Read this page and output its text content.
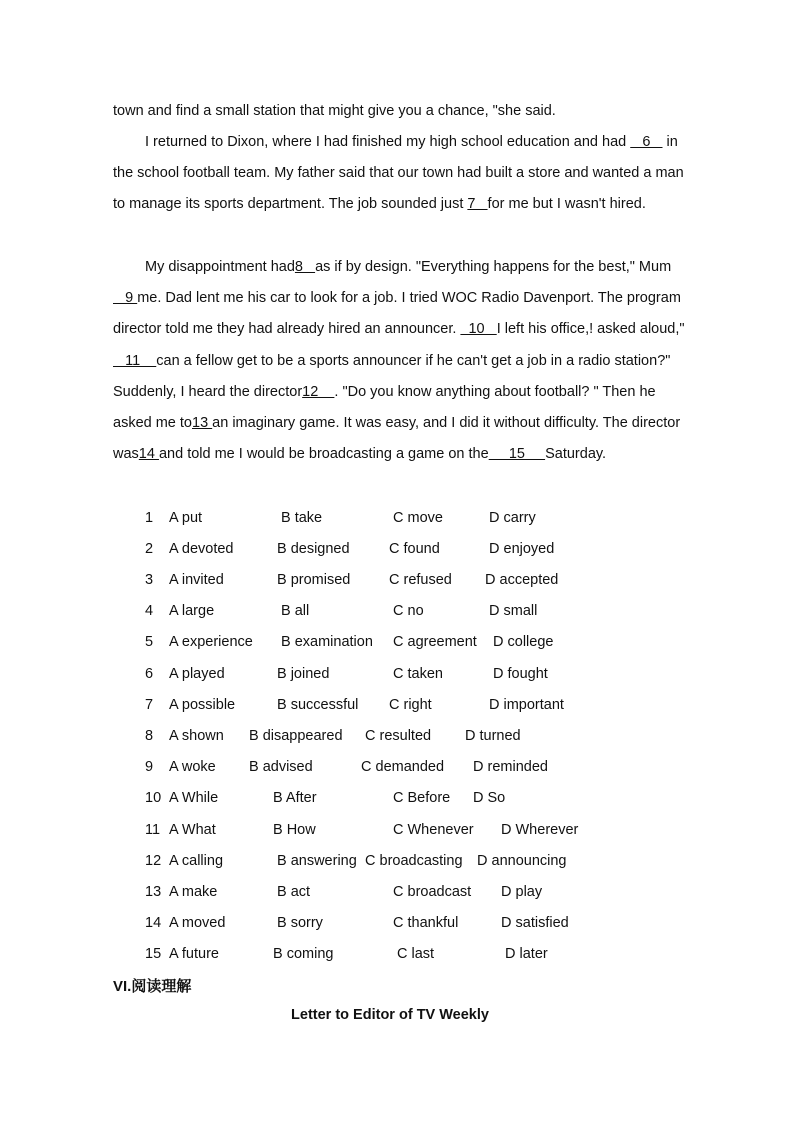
town and find a small station that might give you a chance, "she said.
I returned to Dixon, where I had finished my high school education and had    6    in the school football team. My father said that our town had built a store and wanted a man to manage its sports department. The job sounded just 7   for me but I wasn't hired.
My disappointment had8   as if by design. "Everything happens for the best," Mum   9 me. Dad lent me his car to look for a job. I tried WOC Radio Davenport. The program director told me they had already hired an announcer.   10   I left his office,! asked aloud,"   11    can a fellow get to be a sports announcer if he can't get a job in a radio station?" Suddenly, I heard the director12    . "Do you know anything about football? " Then he asked me to13 an imaginary game. It was easy, and I did it without difficulty. The director was14 and told me I would be broadcasting a game on the     15     Saturday.
1 A put	B take	C move	D carry
2 A devoted	B designed	C found	D enjoyed
3 A invited	B promised	C refused D accepted
4 A large	B all	C no	D small
5 A experience B examination C agreement D college
6 A played	B joined	C taken	D fought
7 A possible	B successful C right	D important
8 A shown B disappeared C resulted D turned
9 A woke B advised	C demanded D reminded
10 A While	B After	C Before D So
11 A What	B How	C Whenever D Wherever
12 A calling	B answering C broadcasting D announcing
13 A make	B act	C broadcast D play
14 A moved	B sorry	C thankful	D satisfied
15 A future	B coming	C last	D later
VI.阅读理解
Letter to Editor of TV Weekly
